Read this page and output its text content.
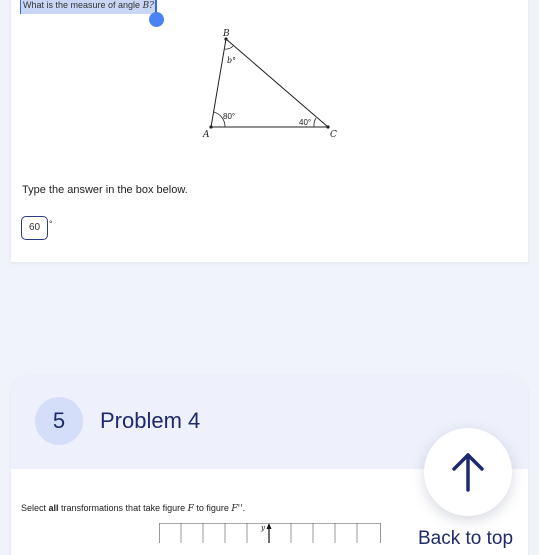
What is the measure of angle B?
B
A	C
80°
b°
40°
Type the answer in the box below.
60 °
5	Problem 4
Select all transformations that take figure F to figure F''.
y	Back to top
